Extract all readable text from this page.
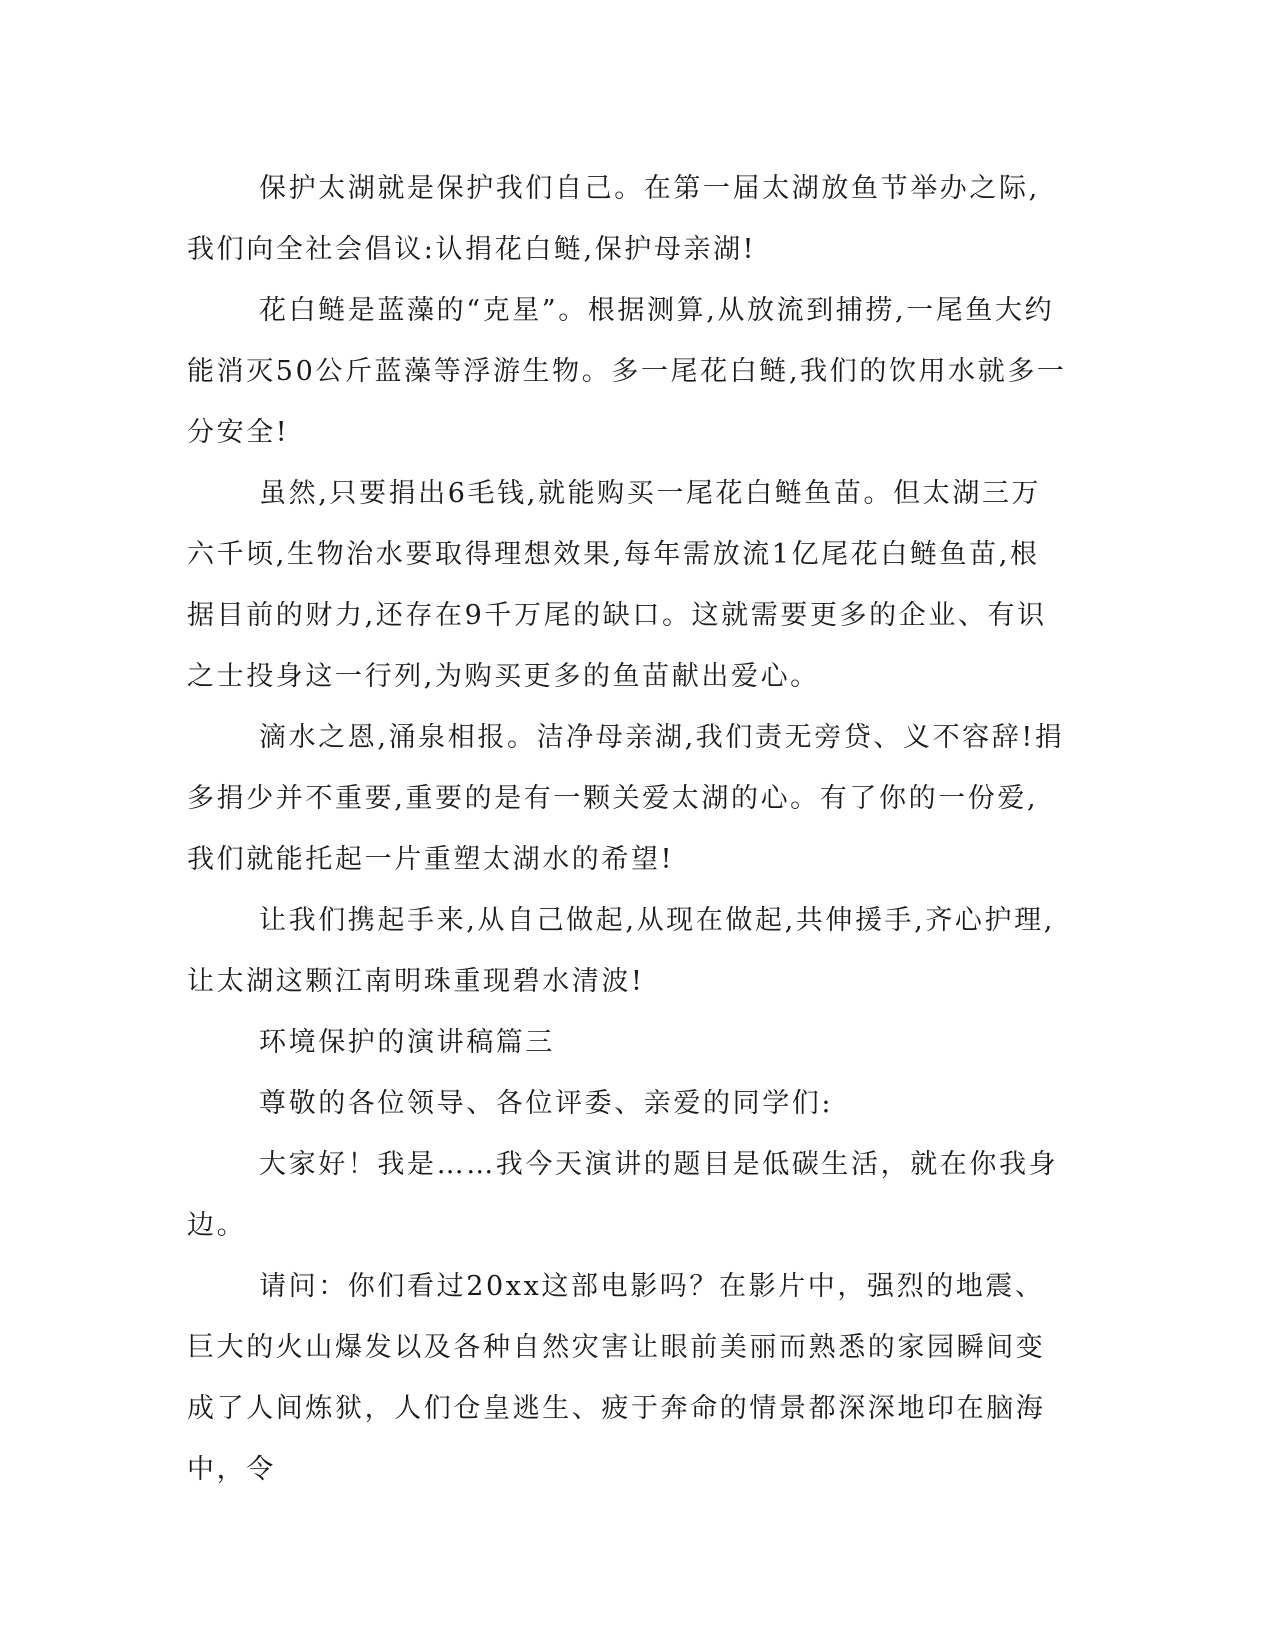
保护太湖就是保护我们自己。在第一届太湖放鱼节举办之际,我们向全社会倡议:认捐花白鲢,保护母亲湖!

花白鲢是蓝藻的“克星”。根据测算,从放流到捕捞,一尾鱼大约能消灭50公斤蓝藻等浮游生物。多一尾花白鲢,我们的饮用水就多一分安全!

虽然,只要捐出6毛钱,就能购买一尾花白鲢鱼苗。但太湖三万六千顷,生物治水要取得理想效果,每年需放流1亿尾花白鲢鱼苗,根据目前的财力,还存在9千万尾的缺口。这就需要更多的企业、有识之士投身这一行列,为购买更多的鱼苗献出爱心。

滴水之恩,涌泉相报。洁净母亲湖,我们责无旁贷、义不容辞!捐多捐少并不重要,重要的是有一颗关爱太湖的心。有了你的一份爱,我们就能托起一片重塑太湖水的希望!

让我们携起手来,从自己做起,从现在做起,共伸援手,齐心护理,让太湖这颗江南明珠重现碧水清波!

环境保护的演讲稿篇三

尊敬的各位领导、各位评委、亲爱的同学们:

大家好！我是……我今天演讲的题目是低碳生活，就在你我身边。

请问：你们看过20xx这部电影吗？在影片中，强烈的地震、巨大的火山爆发以及各种自然灾害让眼前美丽而熟悉的家园瞬间变成了人间炼狱，人们仓皇逃生、疲于奔命的情景都深深地印在脑海中，令
